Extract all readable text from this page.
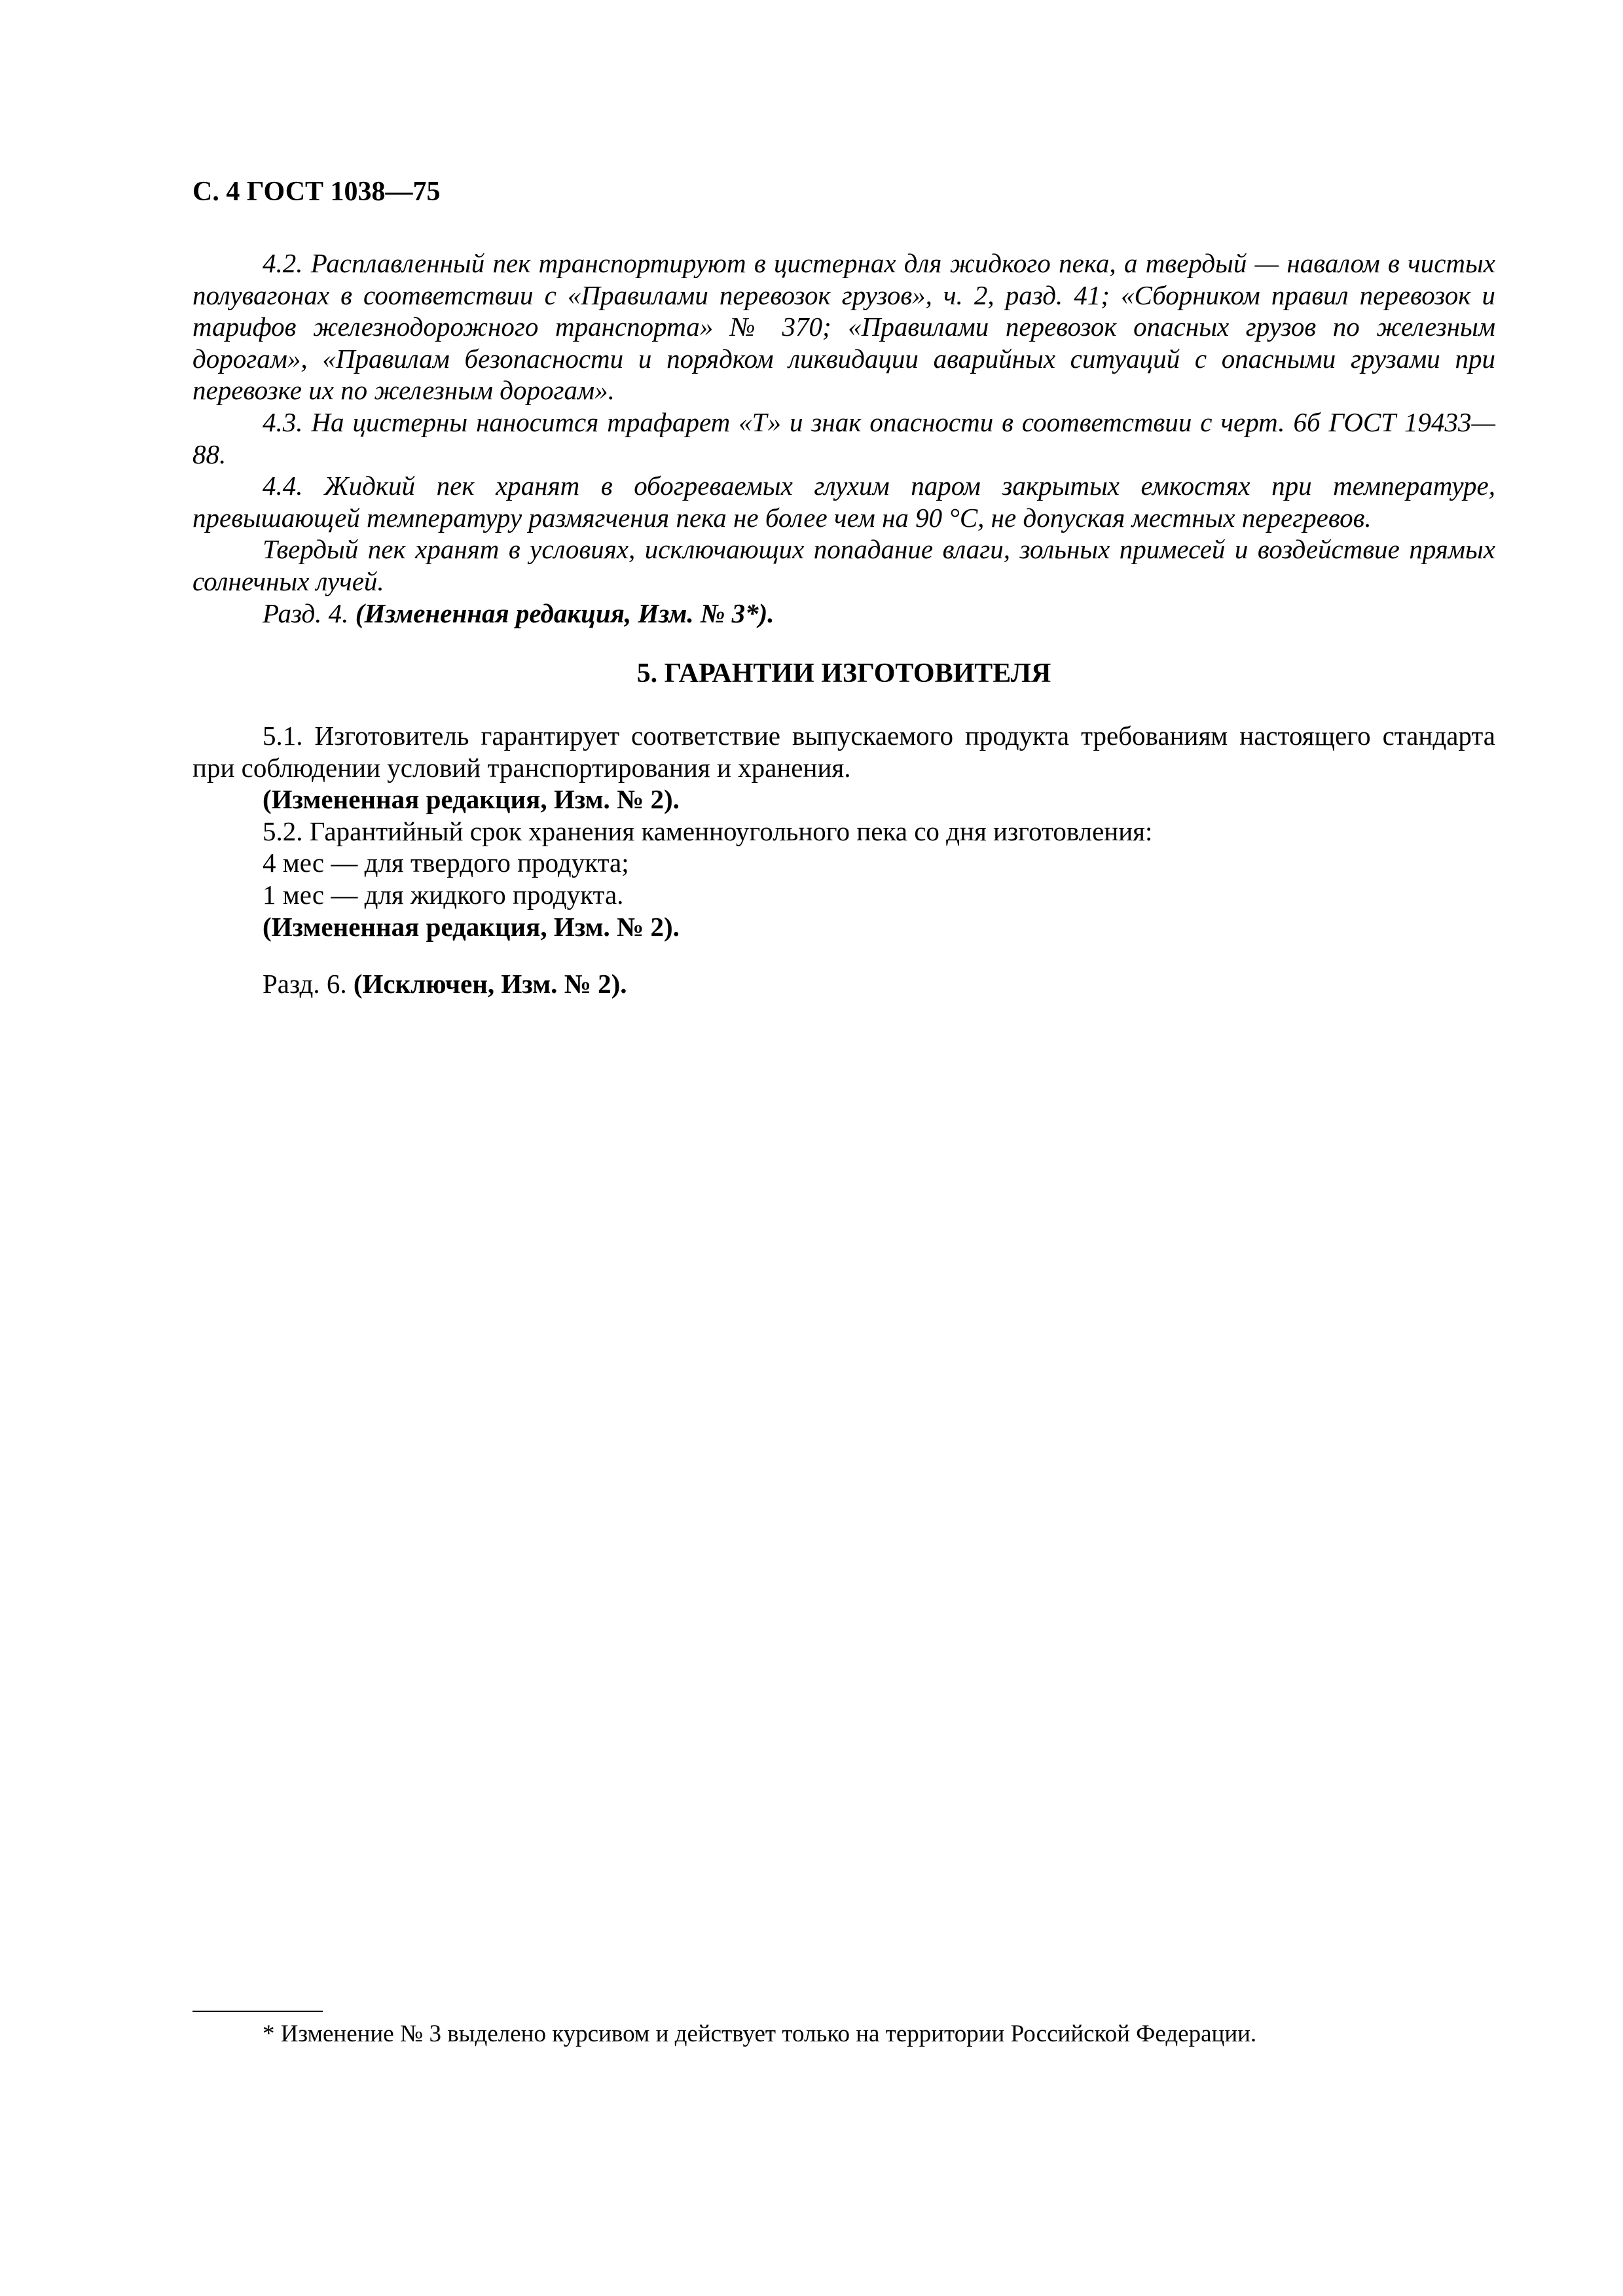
С. 4 ГОСТ 1038—75

4.2. Расплавленный пек транспортируют в цистернах для жидкого пека, а твердый — навалом в чистых полувагонах в соответствии с «Правилами перевозок грузов», ч. 2, разд. 41; «Сборником правил перевозок и тарифов железнодорожного транспорта» № 370; «Правилами перевозок опасных грузов по железным дорогам», «Правилам безопасности и порядком ликвидации аварийных ситуаций с опасными грузами при перевозке их по железным дорогам».

4.3. На цистерны наносится трафарет «Т» и знак опасности в соответствии с черт. 6б ГОСТ 19433—88.

4.4. Жидкий пек хранят в обогреваемых глухим паром закрытых емкостях при температуре, превышающей температуру размягчения пека не более чем на 90 °С, не допуская местных перегревов.

Твердый пек хранят в условиях, исключающих попадание влаги, зольных примесей и воздействие прямых солнечных лучей.

Разд. 4. (Измененная редакция, Изм. № 3*).

5. ГАРАНТИИ ИЗГОТОВИТЕЛЯ

5.1. Изготовитель гарантирует соответствие выпускаемого продукта требованиям настоящего стандарта при соблюдении условий транспортирования и хранения.

(Измененная редакция, Изм. № 2).

5.2. Гарантийный срок хранения каменноугольного пека со дня изготовления:

4 мес — для твердого продукта;

1 мес — для жидкого продукта.

(Измененная редакция, Изм. № 2).

Разд. 6. (Исключен, Изм. № 2).
* Изменение № 3 выделено курсивом и действует только на территории Российской Федерации.
